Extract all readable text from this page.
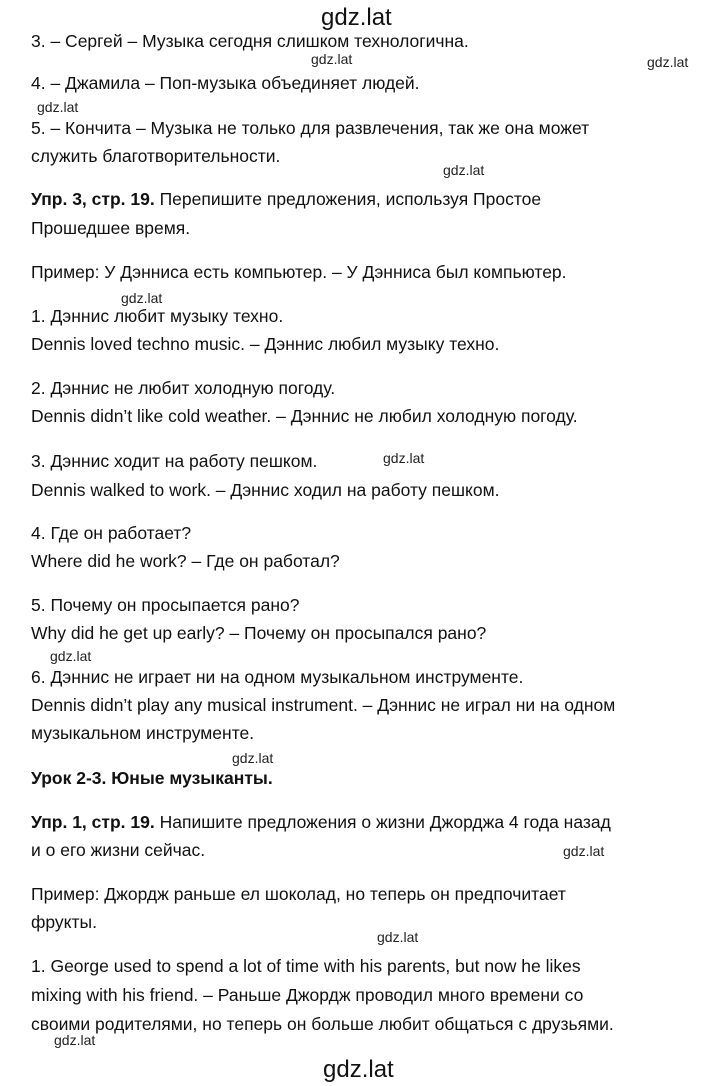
gdz.lat
gdz.lat	gdz.lat
gdz.lat
gdz.lat
gdz.lat
gdz.lat
gdz.lat
gdz.lat
gdz.lat
gdz.lat
gdz.lat
gdz.lat
3. – Сергей – Музыка сегодня слишком технологична.
4. – Джамила – Поп-музыка объединяет людей.
5. – Кончита – Музыка не только для развлечения, так же она может
служить благотворительности.
Упр. 3, стр. 19. Перепишите предложения, используя Простое
Прошедшее время.
Пример: У Дэнниса есть компьютер. – У Дэнниса был компьютер.
1. Дэннис любит музыку техно.
Dennis loved techno music. – Дэннис любил музыку техно.
2. Дэннис не любит холодную погоду.
Dennis didn’t like cold weather. – Дэннис не любил холодную погоду.
3. Дэннис ходит на работу пешком.
Dennis walked to work. – Дэннис ходил на работу пешком.
4. Где он работает?
Where did he work? – Где он работал?
5. Почему он просыпается рано?
Why did he get up early? – Почему он просыпался рано?
6. Дэннис не играет ни на одном музыкальном инструменте.
Dennis didn’t play any musical instrument. – Дэннис не играл ни на одном
музыкальном инструменте.
Урок 2-3. Юные музыканты.
Упр. 1, стр. 19. Напишите предложения о жизни Джорджа 4 года назад
и о его жизни сейчас.
Пример: Джордж раньше ел шоколад, но теперь он предпочитает
фрукты.
1. George used to spend a lot of time with his parents, but now he likes
mixing with his friend. – Раньше Джордж проводил много времени со
своими родителями, но теперь он больше любит общаться с друзьями.
